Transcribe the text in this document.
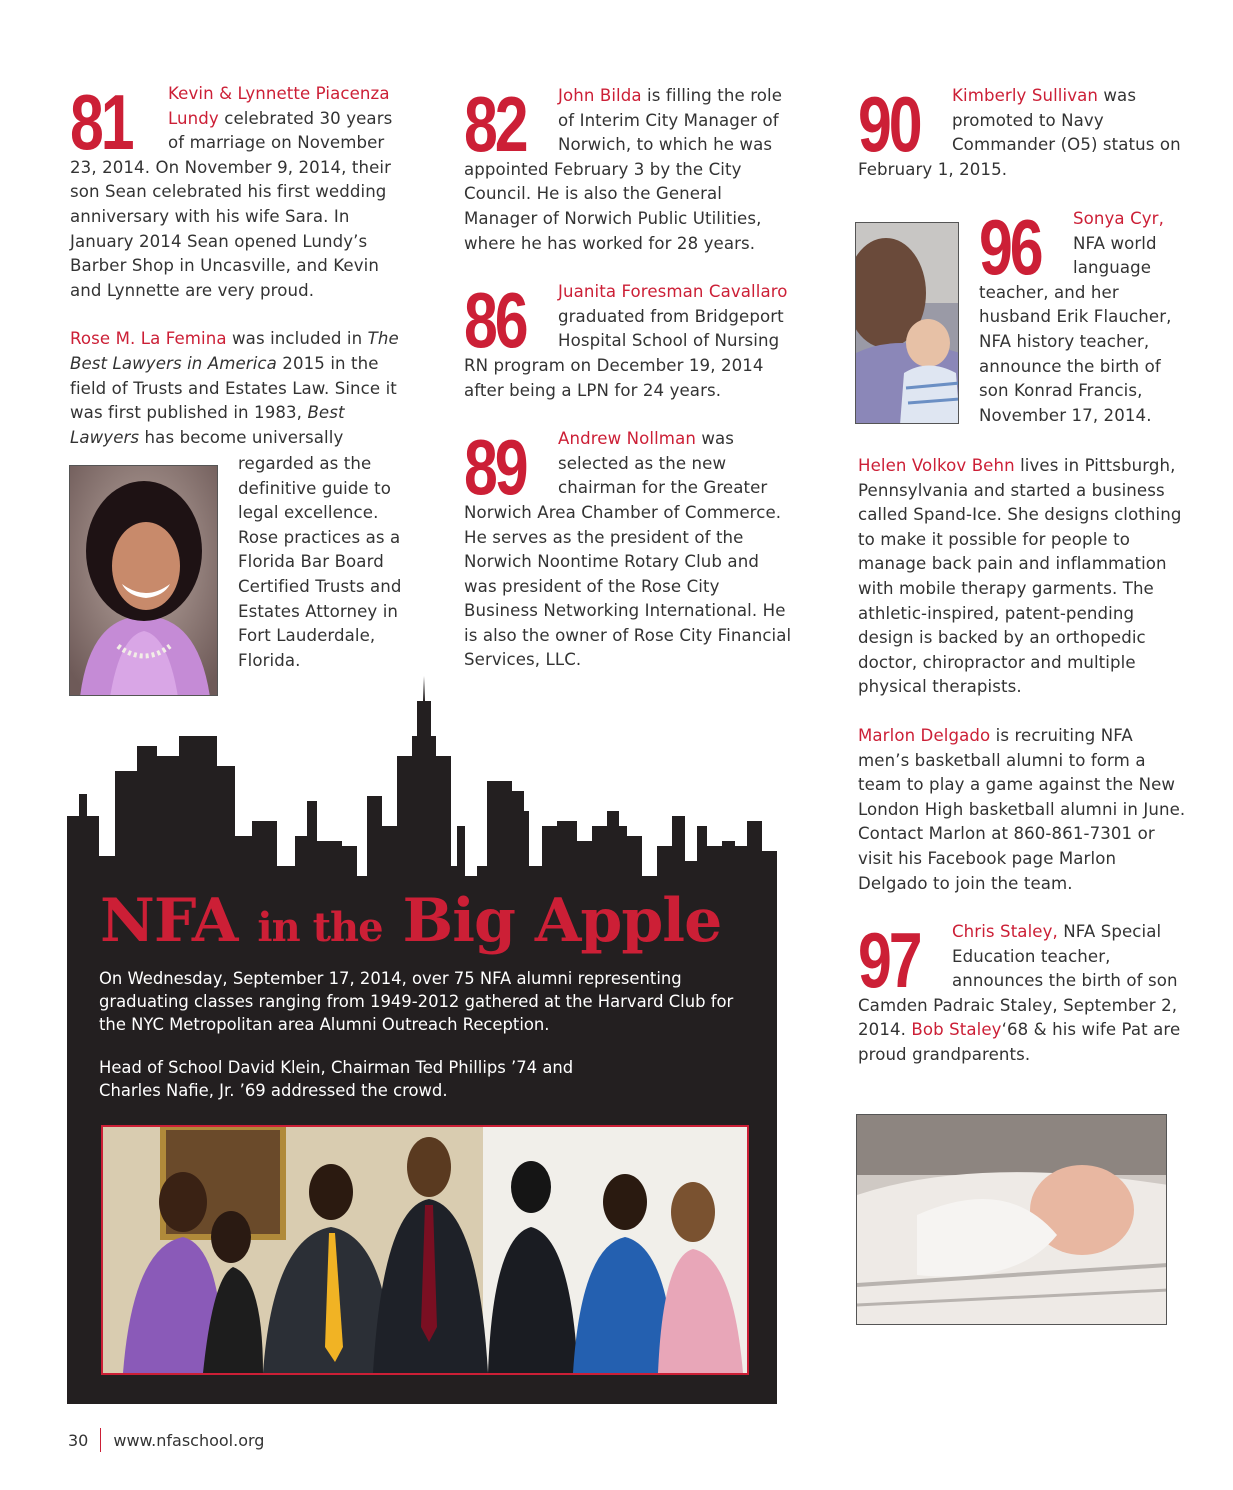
81	Kevin & Lynnette Piacenza Lundy celebrated 30 years of marriage on November 23, 2014. On November 9, 2014, their son Sean celebrated his first wedding anniversary with his wife Sara. In January 2014 Sean opened Lundy’s Barber Shop in Uncasville, and Kevin and Lynnette are very proud.

Rose M. La Femina was included in The Best Lawyers in America 2015 in the field of Trusts and Estates Law. Since it was first published in 1983, Best Lawyers has become universally

regarded as the definitive guide to legal excellence. Rose practices as a Florida Bar Board Certified Trusts and Estates Attorney in Fort Lauderdale, Florida.

82 John Bilda is filling the role of Interim City Manager of Norwich, to which he was appointed February 3 by the City Council. He is also the General Manager of Norwich Public Utilities, where he has worked for 28 years.

86 Juanita Foresman Cavallaro graduated from Bridgeport Hospital School of Nursing RN program on December 19, 2014 after being a LPN for 24 years.

89 Andrew Nollman was selected as the new chairman for the Greater Norwich Area Chamber of Commerce. He serves as the president of the Norwich Noontime Rotary Club and was president of the Rose City Business Networking International. He is also the owner of Rose City Financial Services, LLC.

90 Kimberly Sullivan was promoted to Navy Commander (O5) status on February 1, 2015.

96 Sonya Cyr, NFA world language teacher, and her husband Erik Flaucher, NFA history teacher, announce the birth of son Konrad Francis, November 17, 2014.

Helen Volkov Behn lives in Pittsburgh, Pennsylvania and started a business called Spand-Ice. She designs clothing to make it possible for people to manage back pain and inflammation with mobile therapy garments. The athletic-inspired, patent-pending design is backed by an orthopedic doctor, chiropractor and multiple physical therapists.

Marlon Delgado is recruiting NFA men’s basketball alumni to form a team to play a game against the New London High basketball alumni in June. Contact Marlon at 860-861-7301 or visit his Facebook page Marlon Delgado to join the team.

97 Chris Staley, NFA Special Education teacher, announces the birth of son Camden Padraic Staley, September 2, 2014. Bob Staley‘68 & his wife Pat are proud grandparents.

NFA in the Big Apple

On Wednesday, September 17, 2014, over 75 NFA alumni representing graduating classes ranging from 1949-2012 gathered at the Harvard Club for the NYC Metropolitan area Alumni Outreach Reception.

Head of School David Klein, Chairman Ted Phillips ’74 and Charles Nafie, Jr. ’69 addressed the crowd.

30 www.nfaschool.org
